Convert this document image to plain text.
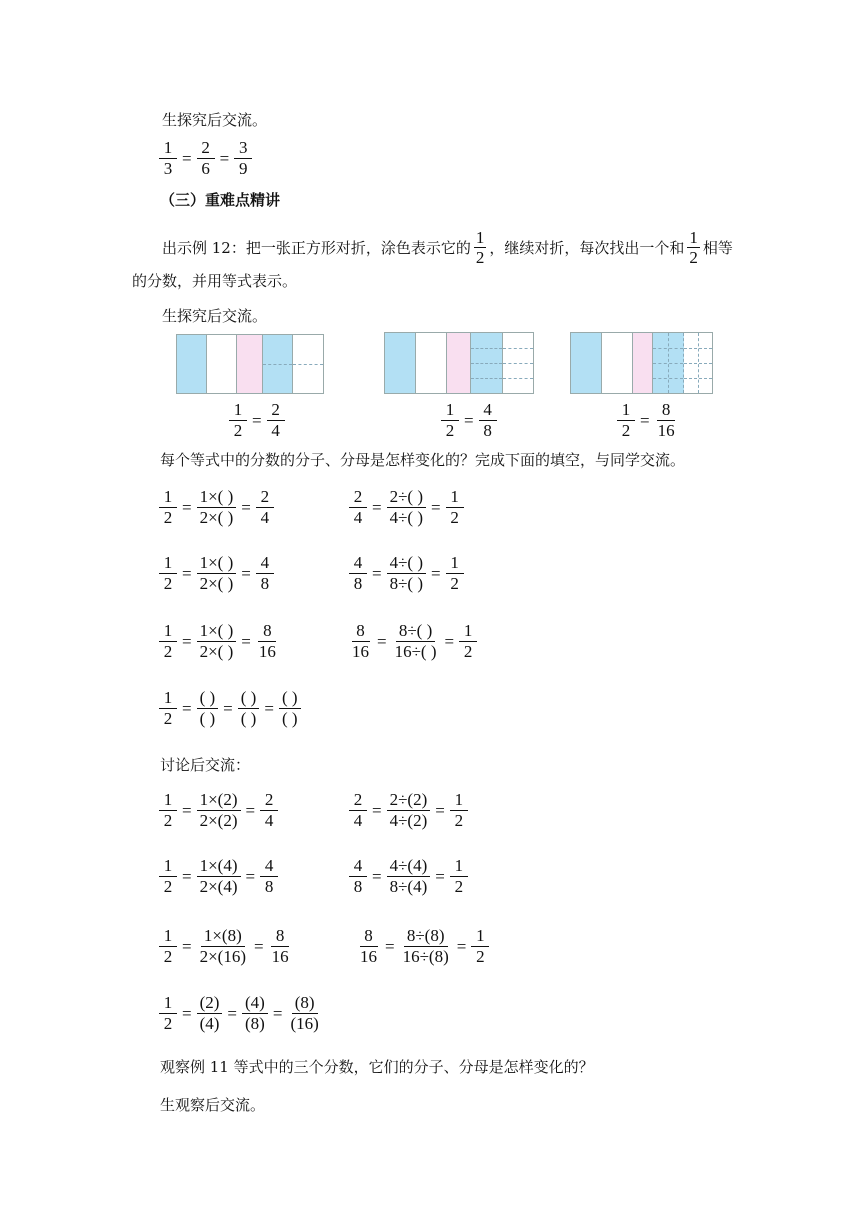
生探究后交流。
$\frac{1}{3} = \frac{2}{6} = \frac{3}{9}$
（三）重难点精讲
出示例 12：把一张正方形对折，涂色表示它的
1
2
，继续对折，每次找出一个和
1
2
相等
的分数，并用等式表示。
生探究后交流。
$\frac{1}{2} = \frac{2}{4}$	$\frac{1}{2} = \frac{4}{8}$	$\frac{1}{2} = \frac{8}{16}$
每个等式中的分数的分子、分母是怎样变化的？完成下面的填空，与同学交流。
$\frac{1}{2} = \frac{1\times( )}{2\times( )} = \frac{2}{4}$
$\frac{1}{2} = \frac{1\times( )}{2\times( )} = \frac{4}{8}$
$\frac{1}{2} = \frac{1\times( )}{2\times( )} = \frac{8}{16}$
$\frac{2}{4} = \frac{2\div( )}{4\div( )} = \frac{1}{2}$
$\frac{4}{8} = \frac{4\div( )}{8\div( )} = \frac{1}{2}$
$\frac{8}{16} = \frac{8\div( )}{16\div( )} = \frac{1}{2}$
$\frac{1}{2} = \frac{( )}{( )} = \frac{( )}{( )} = \frac{( )}{( )}$
讨论后交流：
$\frac{1}{2} = \frac{1\times(2)}{2\times(2)} = \frac{2}{4}$
$\frac{1}{2} = \frac{1\times(4)}{2\times(4)} = \frac{4}{8}$
$\frac{1}{2} = \frac{1\times(8)}{2\times(16)} = \frac{8}{16}$
$\frac{2}{4} = \frac{2\div(2)}{4\div(2)} = \frac{1}{2}$
$\frac{4}{8} = \frac{4\div(4)}{8\div(4)} = \frac{1}{2}$
$\frac{8}{16} = \frac{8\div(8)}{16\div(8)} = \frac{1}{2}$
$\frac{1}{2} = \frac{(2)}{(4)} = \frac{(4)}{(8)} = \frac{(8)}{(16)}$
观察例 11 等式中的三个分数，它们的分子、分母是怎样变化的？
生观察后交流。
